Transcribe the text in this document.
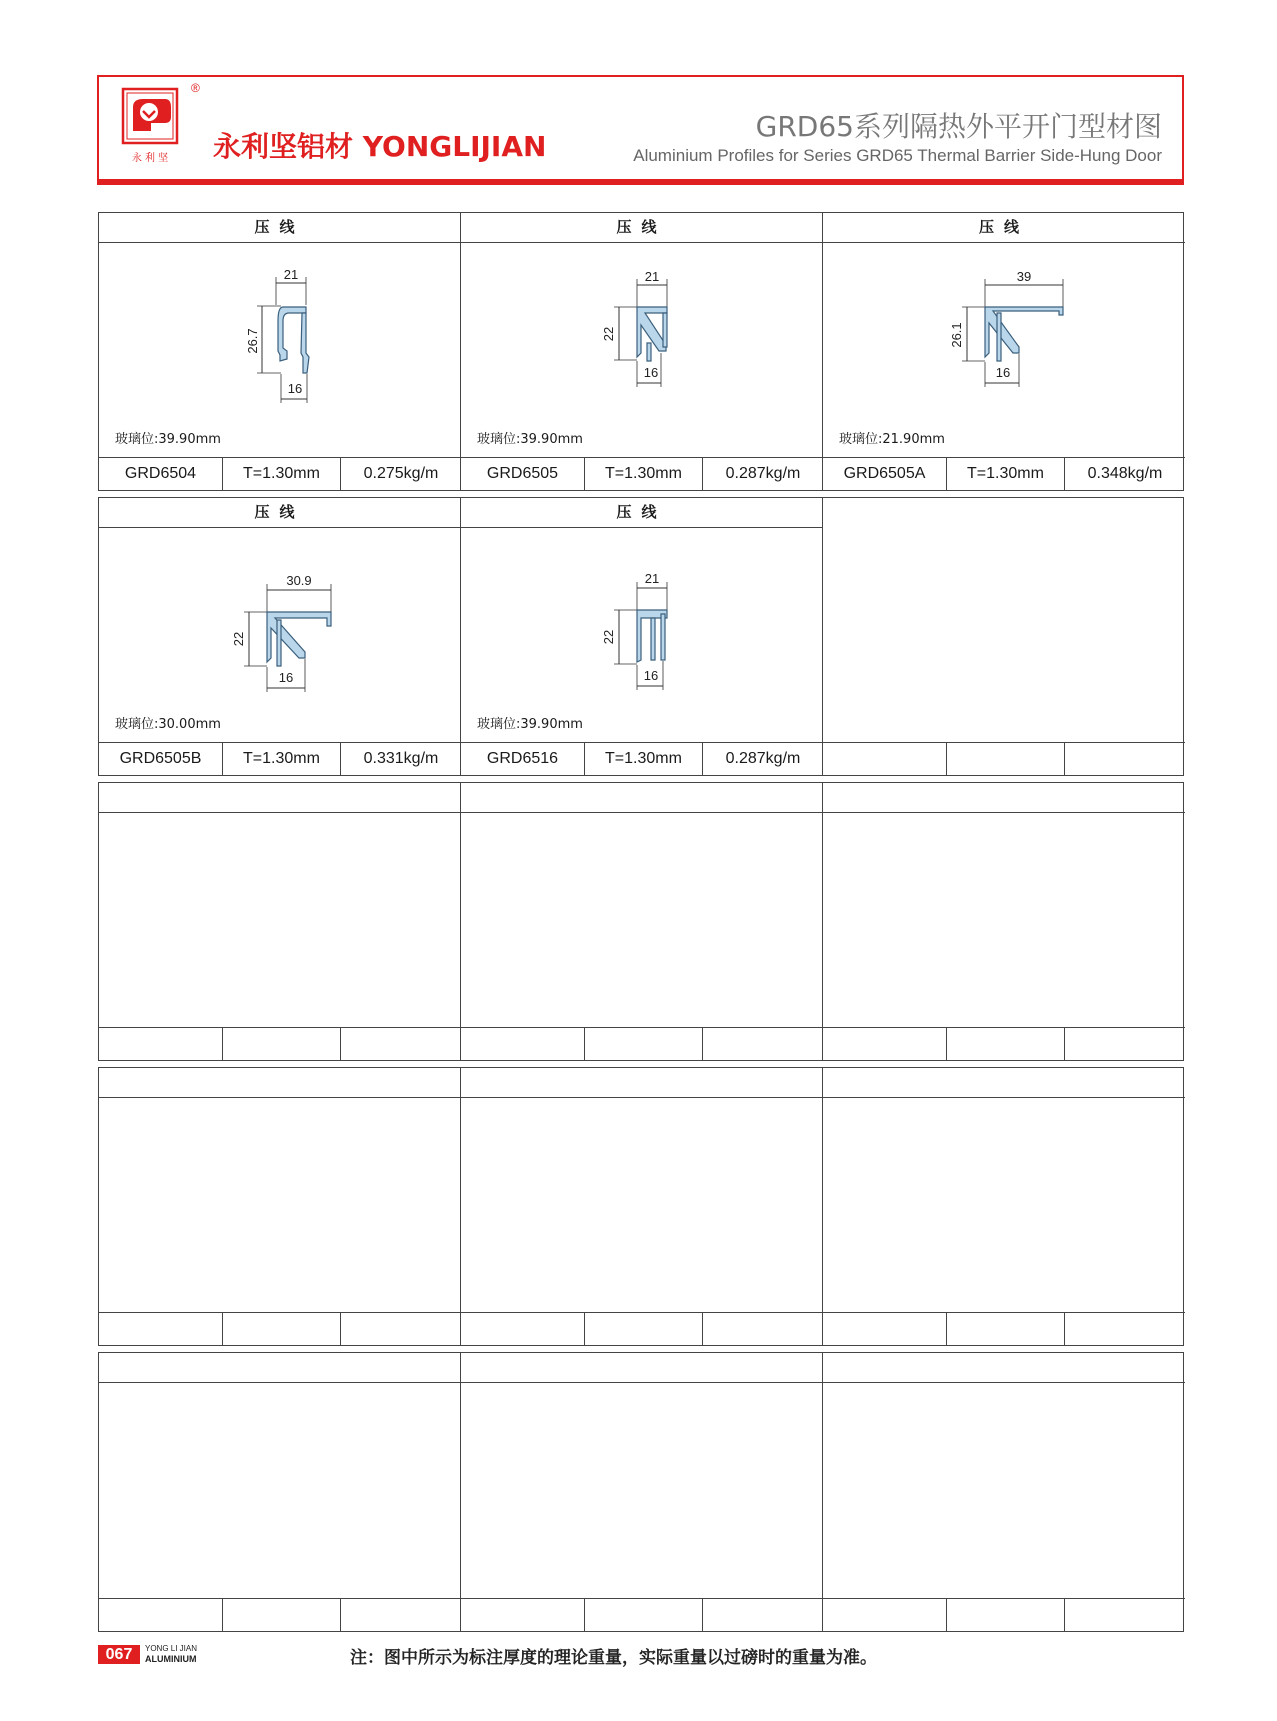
永 利 坚
®
永利坚铝材 YONGLIJIAN
GRD65系列隔热外平开门型材图
Aluminium Profiles for Series GRD65 Thermal Barrier Side-Hung Door
压线
21
26.7
16
玻璃位:39.90mm
GRD6504	T=1.30mm	0.275kg/m
压线
21
22
16
玻璃位:39.90mm
GRD6505	T=1.30mm	0.287kg/m
压线
39
26.1
16
玻璃位:21.90mm
GRD6505A	T=1.30mm	0.348kg/m
压线
30.9
22
16
玻璃位:30.00mm
GRD6505B	T=1.30mm	0.331kg/m
压线
21
22
16
玻璃位:39.90mm
GRD6516	T=1.30mm	0.287kg/m
067	YONG LI JIAN
ALUMINIUM	注：图中所示为标注厚度的理论重量，实际重量以过磅时的重量为准。
